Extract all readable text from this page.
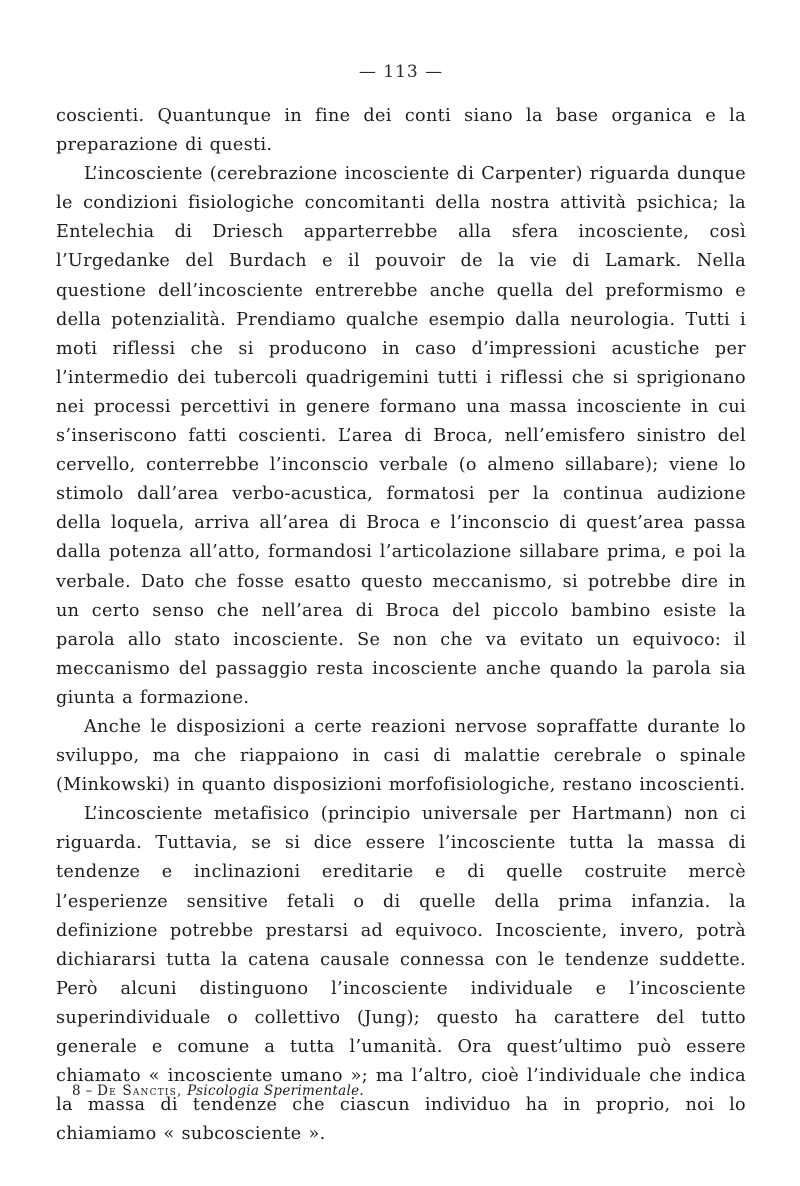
— 113 —

coscienti. Quantunque in fine dei conti siano la base organica e la preparazione di questi.

L’incosciente (cerebrazione incosciente di Carpenter) riguarda dunque le condizioni fisiologiche concomitanti della nostra attività psichica; la Entelechia di Driesch apparterrebbe alla sfera incosciente, così l’Urgedanke del Burdach e il pouvoir de la vie di Lamark. Nella questione dell’incosciente entrerebbe anche quella del preformismo e della potenzialità. Prendiamo qualche esempio dalla neurologia. Tutti i moti riflessi che si producono in caso d’impressioni acustiche per l’intermedio dei tubercoli quadrigemini tutti i riflessi che si sprigionano nei processi percettivi in genere formano una massa incosciente in cui s’inseriscono fatti coscienti. L’area di Broca, nell’emisfero sinistro del cervello, conterrebbe l’inconscio verbale (o almeno sillabare); viene lo stimolo dall’area verbo-acustica, formatosi per la continua audizione della loquela, arriva all’area di Broca e l’inconscio di quest’area passa dalla potenza all’atto, formandosi l’articolazione sillabare prima, e poi la verbale. Dato che fosse esatto questo meccanismo, si potrebbe dire in un certo senso che nell’area di Broca del piccolo bambino esiste la parola allo stato incosciente. Se non che va evitato un equivoco: il meccanismo del passaggio resta incosciente anche quando la parola sia giunta a formazione.

Anche le disposizioni a certe reazioni nervose sopraffatte durante lo sviluppo, ma che riappaiono in casi di malattie cerebrale o spinale (Minkowski) in quanto disposizioni morfofisiologiche, restano incoscienti.

L’incosciente metafisico (principio universale per Hartmann) non ci riguarda. Tuttavia, se si dice essere l’incosciente tutta la massa di tendenze e inclinazioni ereditarie e di quelle costruite mercè l’esperienze sensitive fetali o di quelle della prima infanzia. la definizione potrebbe prestarsi ad equivoco. Incosciente, invero, potrà dichiararsi tutta la catena causale connessa con le tendenze suddette. Però alcuni distinguono l’incosciente individuale e l’incosciente superindividuale o collettivo (Jung); questo ha carattere del tutto generale e comune a tutta l’umanità. Ora quest’ultimo può essere chiamato « incosciente umano »; ma l’altro, cioè l’individuale che indica la massa di tendenze che ciascun individuo ha in proprio, noi lo chiamiamo « subcosciente ».

8 – De Sanctis, Psicologia Sperimentale.
